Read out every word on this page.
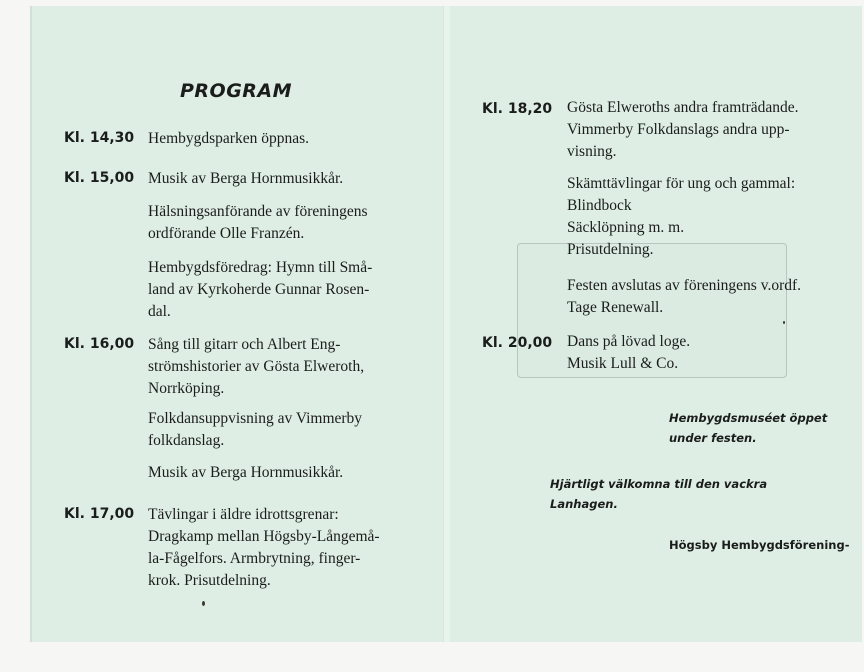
PROGRAM
Kl. 14,30 Hembygdsparken öppnas.

Kl. 15,00 Musik av Berga Hornmusikkår.

Hälsningsanförande av föreningens
ordförande Olle Franzén.

Hembygdsföredrag: Hymn till Små-
land av Kyrkoherde Gunnar Rosen-
dal.

Kl. 16,00 Sång till gitarr och Albert Eng-
strömshistorier av Gösta Elweroth,
Norrköping.

Folkdansuppvisning av Vimmerby
folkdanslag.

Musik av Berga Hornmusikkår.

Kl. 17,00 Tävlingar i äldre idrottsgrenar:
Dragkamp mellan Högsby-Långemå-
la-Fågelfors. Armbrytning, finger-
krok. Prisutdelning.

Kl. 18,20 Gösta Elweroths andra framträdande.
Vimmerby Folkdanslags andra upp-
visning.

Skämttävlingar för ung och gammal:
Blindbock
Säcklöpning m. m.
Prisutdelning.

Festen avslutas av föreningens v.ordf.
Tage Renewall.

Kl. 20,00 Dans på lövad loge.
Musik Lull & Co.

Hembygdsmuséet öppet
under festen.

Hjärtligt välkomna till den vackra
Lanhagen.

Högsby Hembygdsförening-
